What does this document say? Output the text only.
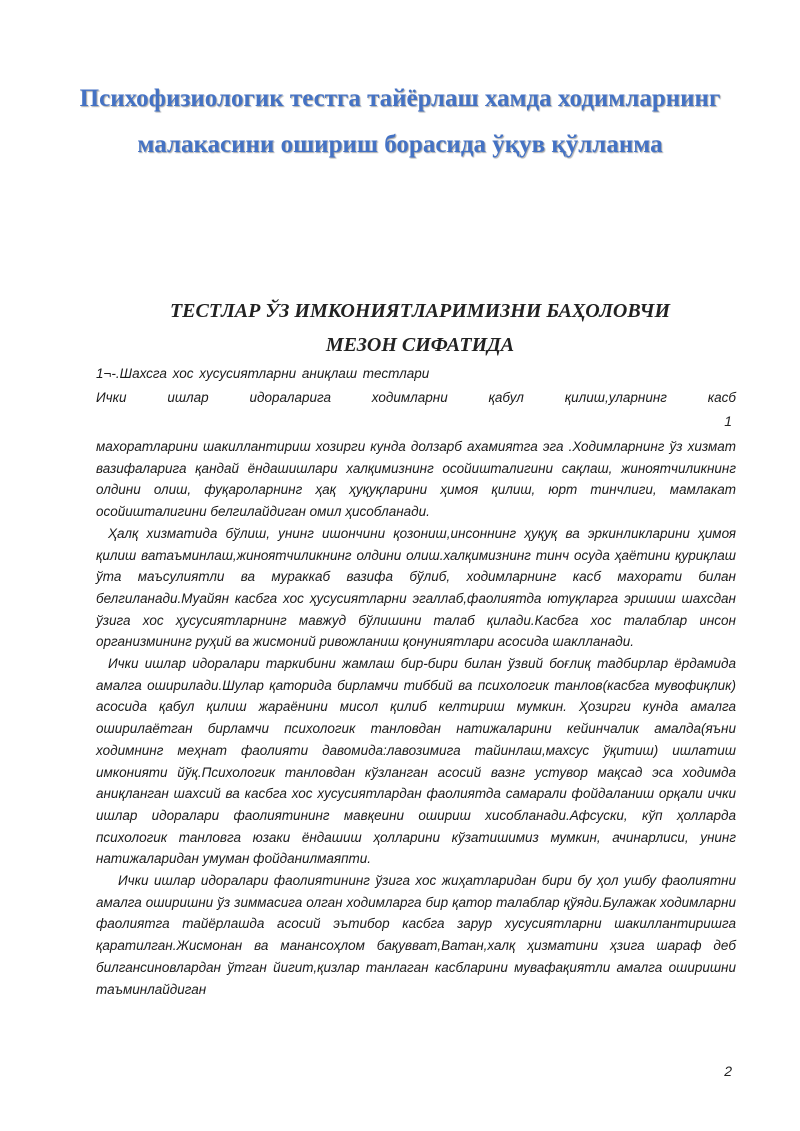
Психофизиологик тестга тайёрлаш хамда ходимларнинг
малакасини ошириш борасида ўқув қўлланма
ТЕСТЛАР ЎЗ ИМКОНИЯТЛАРИМИЗНИ БАҲОЛОВЧИ
МЕЗОН СИФАТИДА
1¬-.Шахсга хос хусусиятларни аниқлаш тестлари
Ички ишлар идораларига ходимларни қабул қилиш,уларнинг касб
1

махоратларини шакиллантириш хозирги кунда долзарб ахамиятга эга .Ходимларнинг ўз хизмат вазифаларига қандай ёндашишлари халқимизнинг осойишталигини сақлаш, жиноятчиликнинг олдини олиш, фуқароларнинг ҳақ ҳуқуқларини ҳимоя қилиш, юрт тинчлиги, мамлакат осойишталигини белгилайдиган омил ҳисобланади.

Ҳалқ хизматида бўлиш, унинг ишончини қозониш,инсоннинг ҳуқуқ ва эркинликларини ҳимоя қилиш ватаъминлаш,жиноятчиликнинг олдини олиш.халқимизнинг тинч осуда ҳаётини қуриқлаш ўта маъсулиятли ва мураккаб вазифа бўлиб, ходимларнинг касб махорати билан белгиланади.Муайян касбга хос ҳусусиятларни эгаллаб,фаолиятда ютуқларга эришиш шахсдан ўзига хос ҳусусиятларнинг мавжуд бўлишини талаб қилади.Касбга хос талаблар инсон организмининг руҳий ва жисмоний ривожланиш қонуниятлари асосида шаклланади.

Ички ишлар идоралари таркибини жамлаш бир-бири билан ўзвий боғлиқ тадбирлар ёрдамида амалга оширилади.Шулар қаторида бирламчи тиббий ва психологик танлов(касбга мувофиқлик) асосида қабул қилиш жараёнини мисол қилиб келтириш мумкин. Ҳозирги кунда амалга оширилаётган бирламчи психологик танловдан натижаларини кейинчалик амалда(яъни ходимнинг меҳнат фаолияти давомида:лавозимига тайинлаш,махсус ўқитиш) ишлатиш имконияти йўқ.Психологик танловдан кўзланган асосий вазнг устувор мақсад эса ходимда аниқланган шахсий ва касбга хос хусусиятлардан фаолиятда самарали фойдаланиш орқали ички ишлар идоралари фаолиятининг мавқеини ошириш хисобланади.Афсуски, кўп ҳолларда психологик танловга юзаки ёндашиш ҳолларини кўзатишимиз мумкин, ачинарлиси, унинг натижаларидан умуман фойданилмаяпти.

Ички ишлар идоралари фаолиятининг ўзига хос жиҳатларидан бири бу ҳол ушбу фаолиятни амалга оширишни ўз зиммасига олган ходимларга бир қатор талаблар қўяди.Булажак ходимларни фаолиятга тайёрлашда асосий эътибор касбга зарур хусусиятларни шакиллантиришга қаратилган.Жисмонан ва манансоҳлом бақувват,Ватан,халқ ҳизматини ҳзига шараф деб билгансиновлардан ўтган йигит,қизлар танлаган касбларини мувафақиятли амалга оширишни таъминлайдиган

2
